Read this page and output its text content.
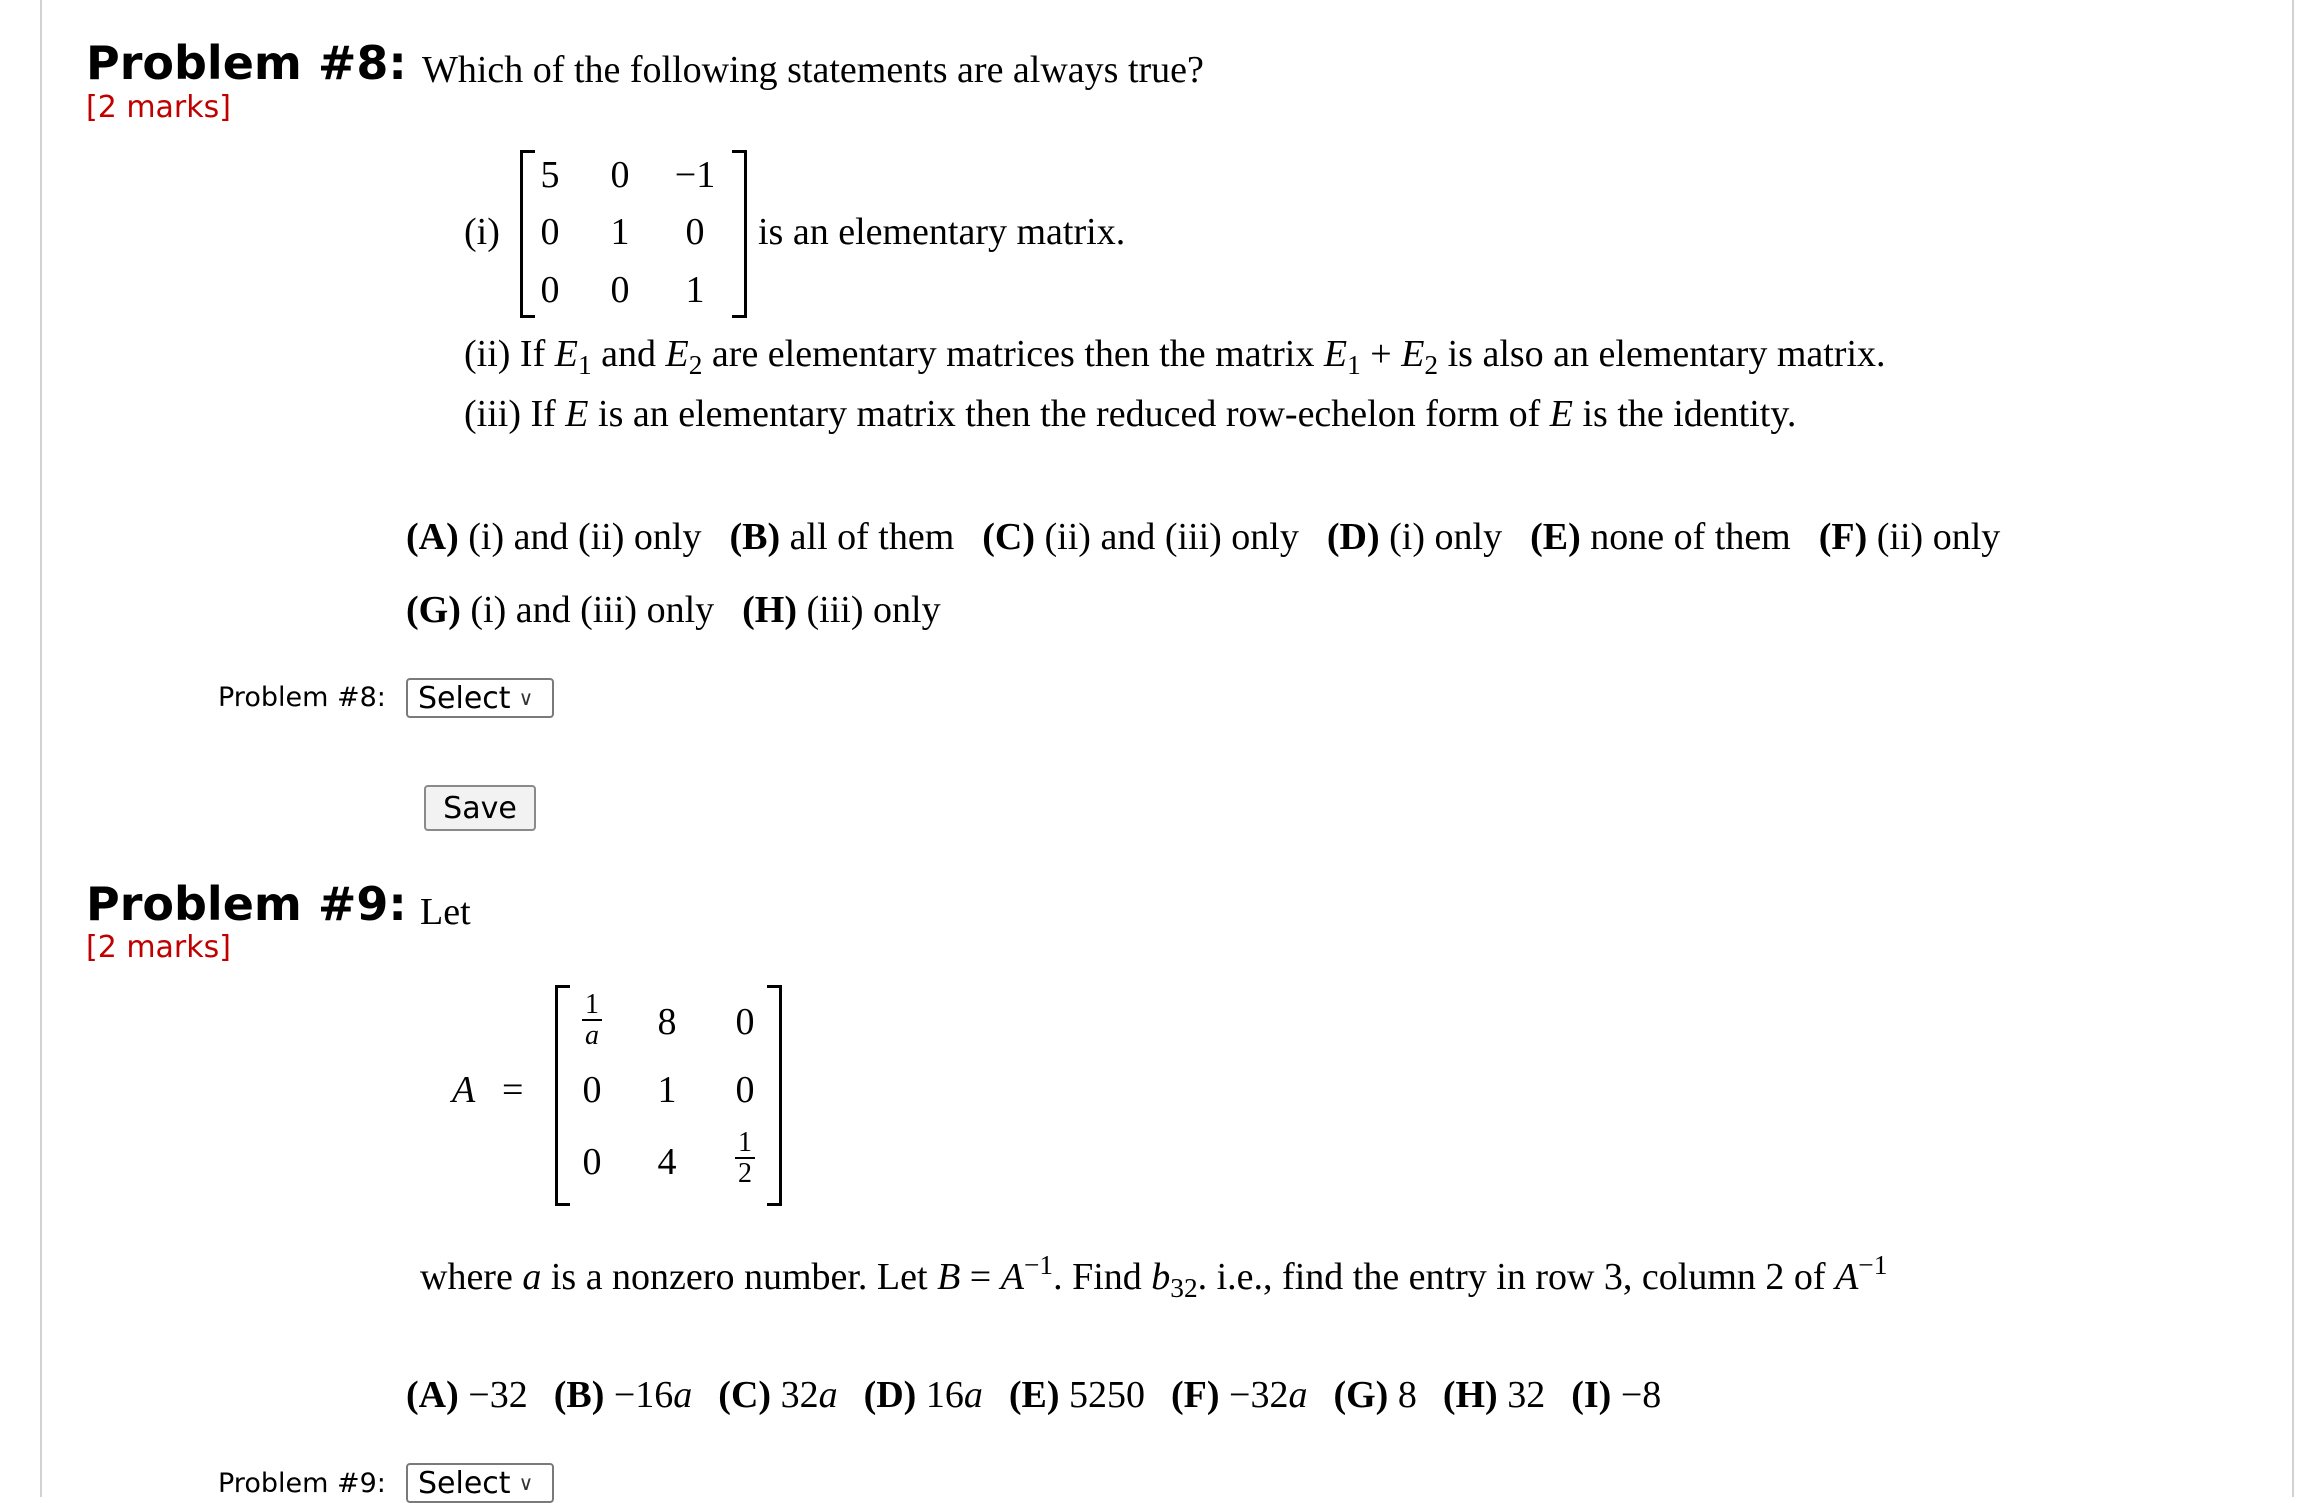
Problem #8: Which of the following statements are always true?
[2 marks]
(i)
5	0	−1
0	1	0
0	0	1
is an elementary matrix.
(ii) If $E_1$ and $E_2$ are elementary matrices then the matrix $E_1 + E_2$ is also an elementary matrix.
(iii) If E is an elementary matrix then the reduced row-echelon form of E is the identity.
(A) (i) and (ii) only (B) all of them (C) (ii) and (iii) only (D) (i) only (E) none of them (F) (ii) only
(G) (i) and (iii) only (H) (iii) only
Problem #8: Select ∨
Save
Problem #9: Let
[2 marks]
A =
$\frac{1}{a}$	8	0
0	1	0
0	4	$\frac{1}{2}$
where a is a nonzero number. Let $B = A^{-1}$. Find $b_{32}$. i.e., find the entry in row 3, column 2 of $A^{-1}$
(A) −32 (B) −16a (C) 32a (D) 16a (E) 5250 (F) −32a (G) 8 (H) 32 (I) −8
Problem #9: Select ∨
